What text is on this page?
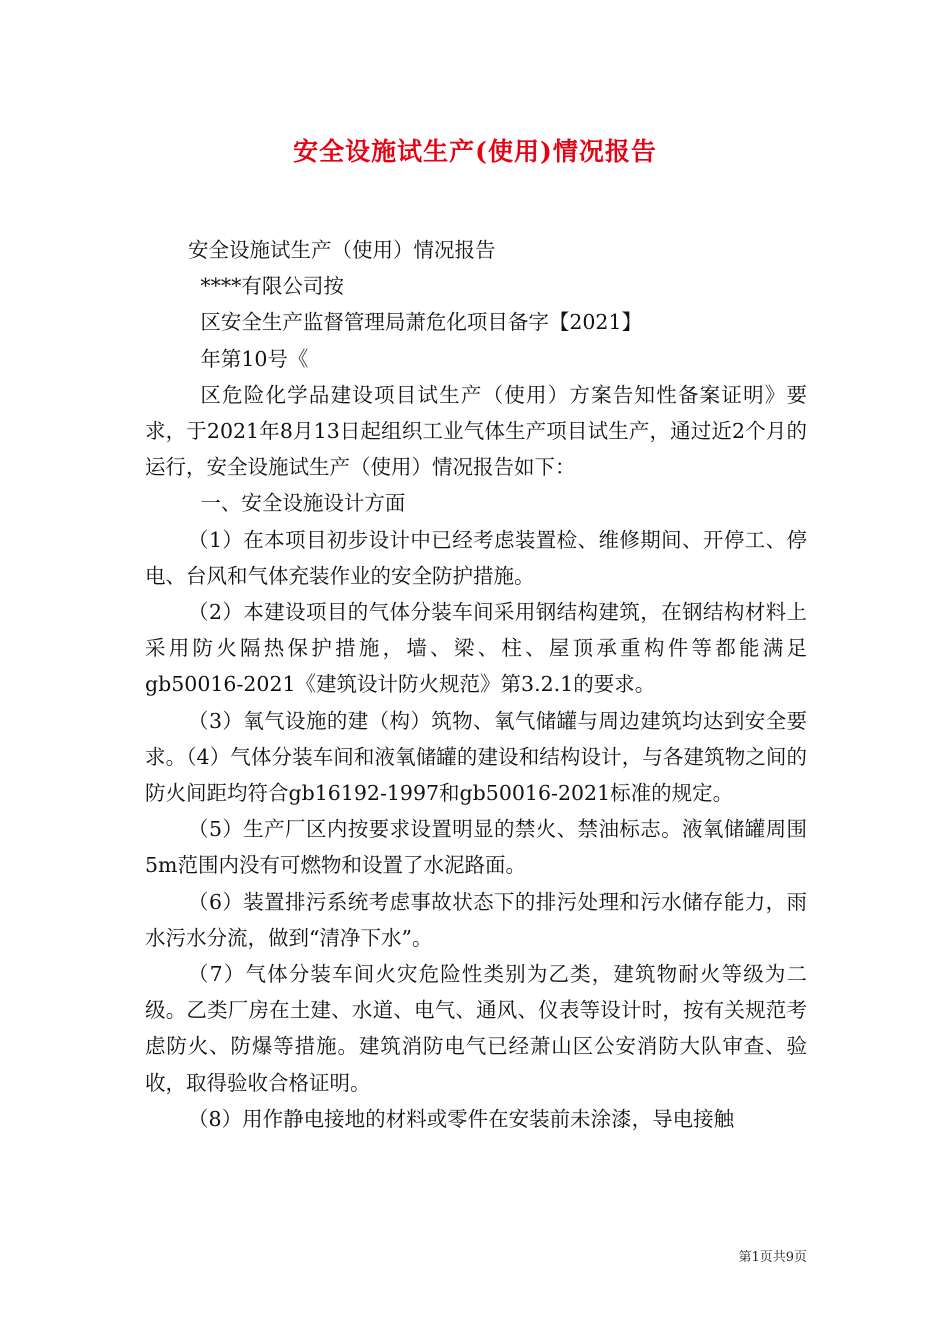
安全设施试生产(使用)情况报告

安全设施试生产（使用）情况报告

****有限公司按

区安全生产监督管理局萧危化项目备字【2021】

年第10号《

区危险化学品建设项目试生产（使用）方案告知性备案证明》要求，于2021年8月13日起组织工业气体生产项目试生产，通过近2个月的运行，安全设施试生产（使用）情况报告如下：

一、安全设施设计方面

（1）在本项目初步设计中已经考虑装置检、维修期间、开停工、停电、台风和气体充装作业的安全防护措施。

（2）本建设项目的气体分装车间采用钢结构建筑，在钢结构材料上采用防火隔热保护措施，墙、梁、柱、屋顶承重构件等都能满足gb50016-2021《建筑设计防火规范》第3.2.1的要求。

（3）氧气设施的建（构）筑物、氧气储罐与周边建筑均达到安全要求。（4）气体分装车间和液氧储罐的建设和结构设计，与各建筑物之间的防火间距均符合gb16192-1997和gb50016-2021标准的规定。

（5）生产厂区内按要求设置明显的禁火、禁油标志。液氧储罐周围5m范围内没有可燃物和设置了水泥路面。

（6）装置排污系统考虑事故状态下的排污处理和污水储存能力，雨水污水分流，做到“清净下水”。

（7）气体分装车间火灾危险性类别为乙类，建筑物耐火等级为二级。乙类厂房在土建、水道、电气、通风、仪表等设计时，按有关规范考虑防火、防爆等措施。建筑消防电气已经萧山区公安消防大队审查、验收，取得验收合格证明。

（8）用作静电接地的材料或零件在安装前未涂漆，导电接触

第1页共9页
